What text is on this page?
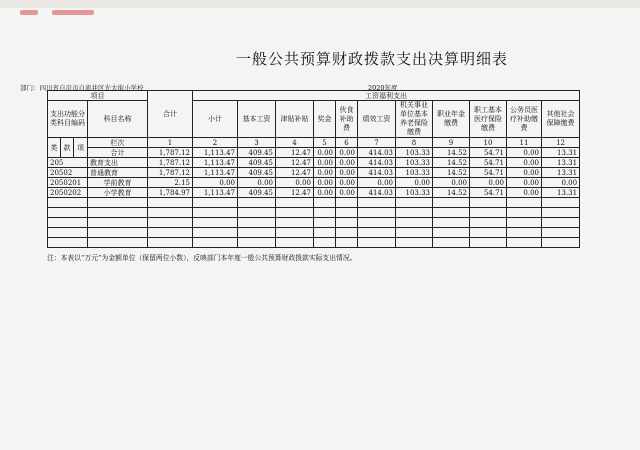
一般公共预算财政拨款支出决算明细表
部门：四川省自贡市自流井区光大街小学校	2020年度
项目				合计	工资福利支出										
支出功能分类科目编码			科目名称		小计	基本工资	津贴补贴	奖金	伙食补助费	绩效工资	机关事业单位基本养老保险缴费	职业年金缴费	职工基本医疗保险缴费	公务员医疗补助缴费	其他社会保障缴费

类	款	项	栏次	1	2	3	4	5	6	7	8	9	10	11	12
			合计	1,787.12	1,113.47	409.45	12.47	0.00	0.00	414.03	103.33	14.52	54.71	0.00	13.31
205			教育支出	1,787.12	1,113.47	409.45	12.47	0.00	0.00	414.03	103.33	14.52	54.71	0.00	13.31
20502			普通教育	1,787.12	1,113.47	409.45	12.47	0.00	0.00	414.03	103.33	14.52	54.71	0.00	13.31
2050201			学前教育	2.15	0.00	0.00	0.00	0.00	0.00	0.00	0.00	0.00	0.00	0.00	0.00
2050202			小学教育	1,784.97	1,113.47	409.45	12.47	0.00	0.00	414.03	103.33	14.52	54.71	0.00	13.31

注：本表以“万元”为金额单位（保留两位小数），反映部门本年度一般公共预算财政拨款实际支出情况。
